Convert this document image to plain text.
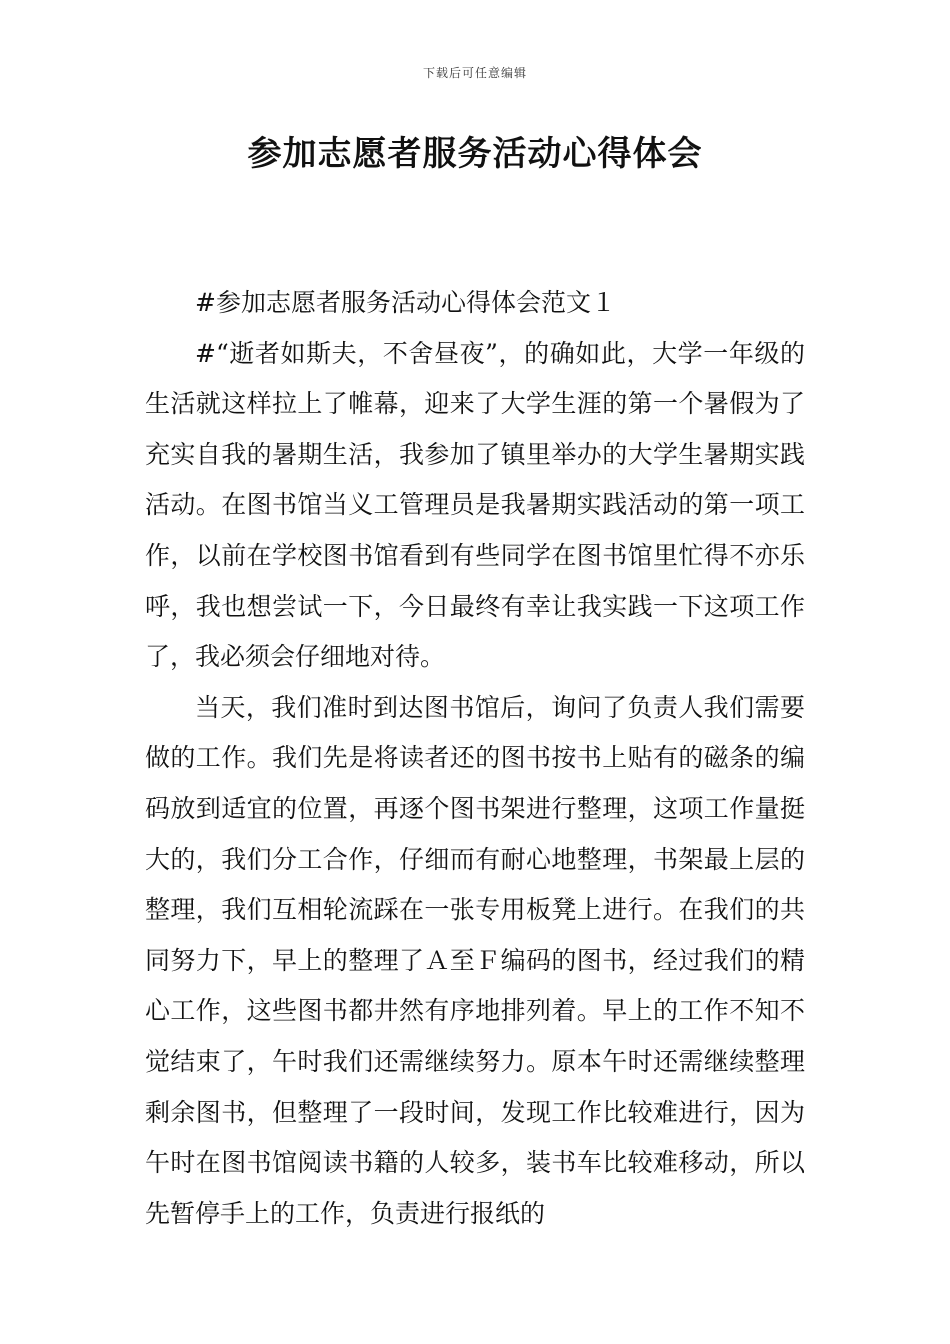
下载后可任意编辑
参加志愿者服务活动心得体会

#参加志愿者服务活动心得体会范文１

#“逝者如斯夫，不舍昼夜”，的确如此，大学一年级的生活就这样拉上了帷幕，迎来了大学生涯的第一个暑假为了充实自我的暑期生活，我参加了镇里举办的大学生暑期实践活动。在图书馆当义工管理员是我暑期实践活动的第一项工作，以前在学校图书馆看到有些同学在图书馆里忙得不亦乐呼，我也想尝试一下，今日最终有幸让我实践一下这项工作了，我必须会仔细地对待。

当天，我们准时到达图书馆后，询问了负责人我们需要做的工作。我们先是将读者还的图书按书上贴有的磁条的编码放到适宜的位置，再逐个图书架进行整理，这项工作量挺大的，我们分工合作，仔细而有耐心地整理，书架最上层的整理，我们互相轮流踩在一张专用板凳上进行。在我们的共同努力下，早上的整理了Ａ至Ｆ编码的图书，经过我们的精心工作，这些图书都井然有序地排列着。早上的工作不知不觉结束了，午时我们还需继续努力。原本午时还需继续整理剩余图书，但整理了一段时间，发现工作比较难进行，因为午时在图书馆阅读书籍的人较多，装书车比较难移动，所以先暂停手上的工作，负责进行报纸的
